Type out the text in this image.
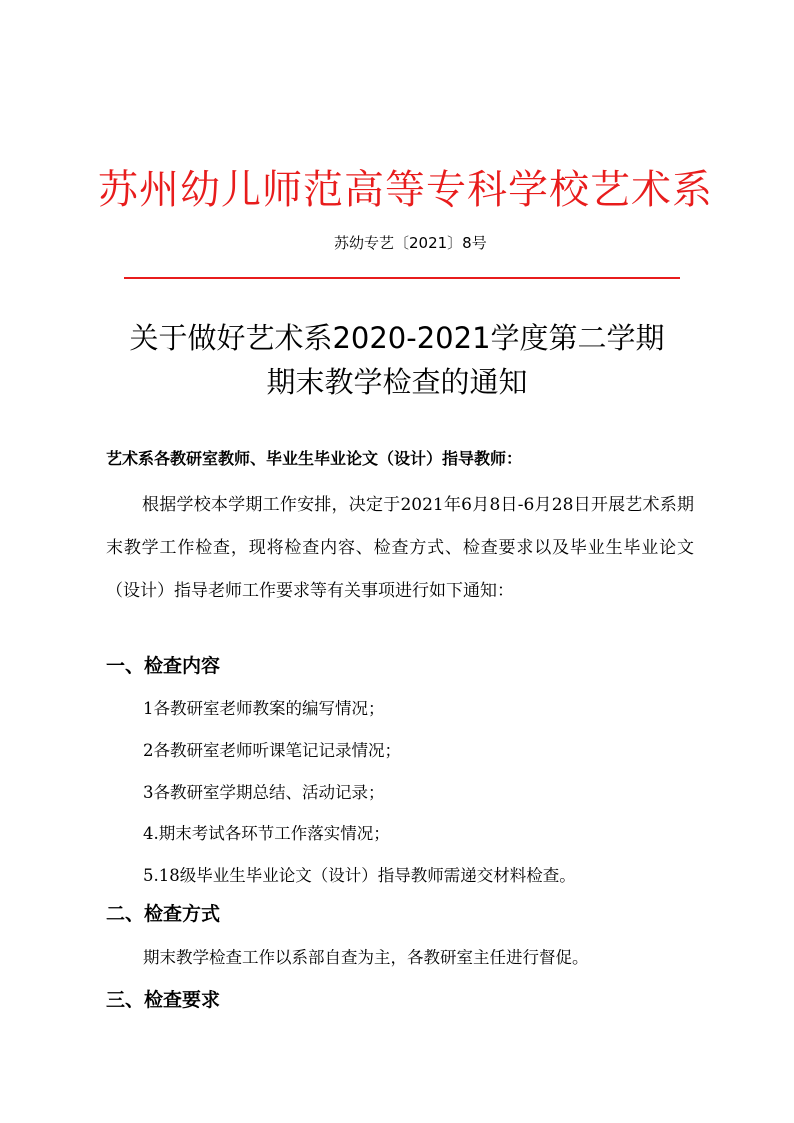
苏州幼儿师范高等专科学校艺术系
苏幼专艺〔2021〕8号
关于做好艺术系2020-2021学度第二学期
期末教学检查的通知
艺术系各教研室教师、毕业生毕业论文（设计）指导教师：
根据学校本学期工作安排，决定于2021年6月8日-6月28日开展艺术系期末教学工作检查，现将检查内容、检查方式、检查要求以及毕业生毕业论文（设计）指导老师工作要求等有关事项进行如下通知：
一、检查内容
1各教研室老师教案的编写情况；
2各教研室老师听课笔记记录情况；
3各教研室学期总结、活动记录；
4.期末考试各环节工作落实情况；
5.18级毕业生毕业论文（设计）指导教师需递交材料检查。
二、检查方式
期末教学检查工作以系部自查为主，各教研室主任进行督促。
三、检查要求
